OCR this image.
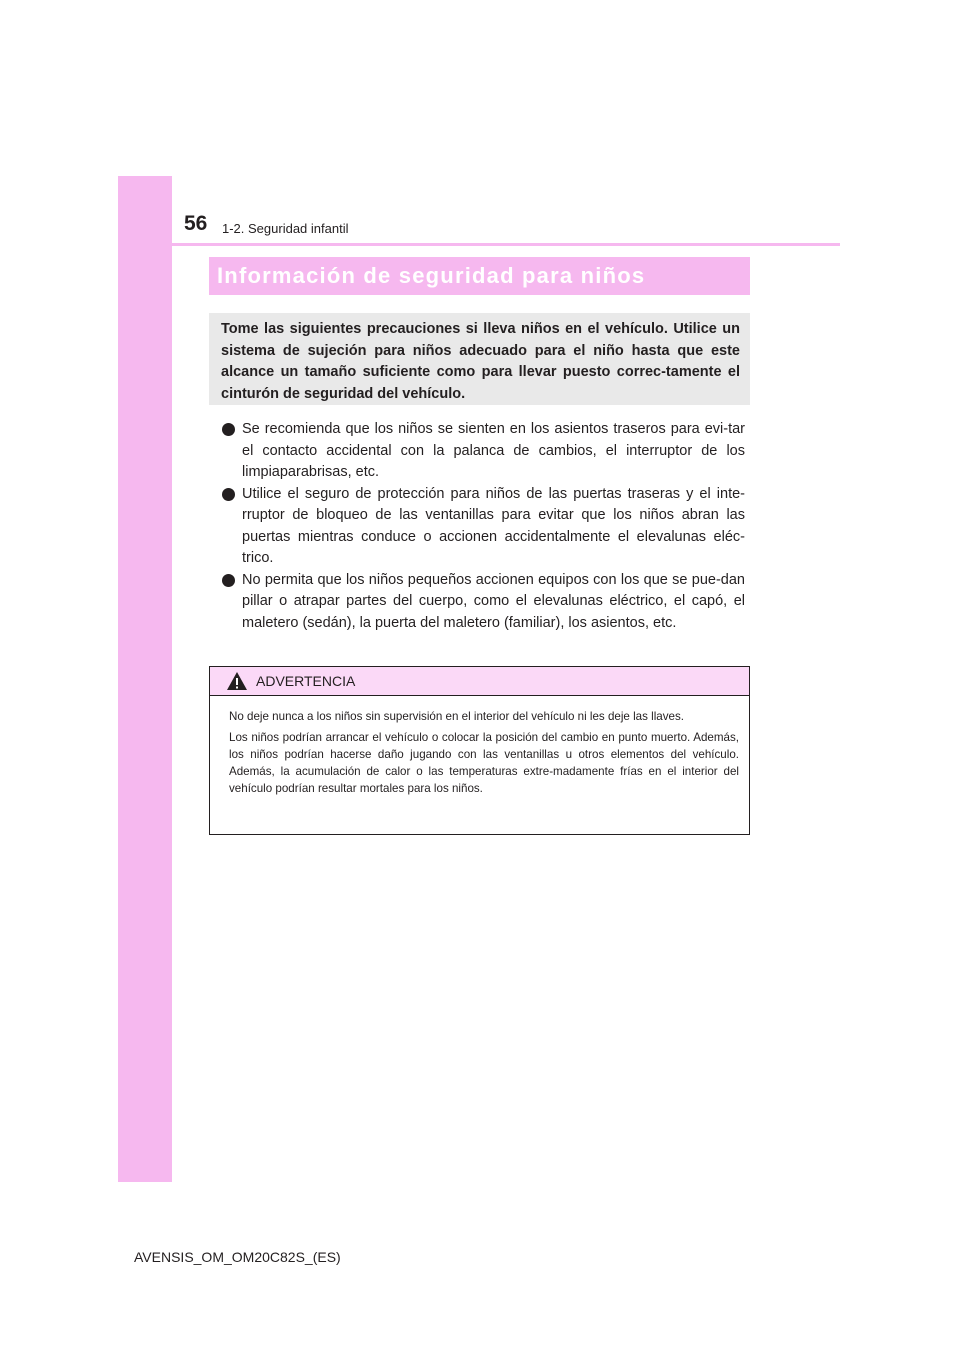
56 1-2. Seguridad infantil
Información de seguridad para niños
Tome las siguientes precauciones si lleva niños en el vehículo. Utilice un sistema de sujeción para niños adecuado para el niño hasta que este alcance un tamaño suficiente como para llevar puesto correc-tamente el cinturón de seguridad del vehículo.
Se recomienda que los niños se sienten en los asientos traseros para evi-tar el contacto accidental con la palanca de cambios, el interruptor de los limpiaparabrisas, etc.
Utilice el seguro de protección para niños de las puertas traseras y el inte-rruptor de bloqueo de las ventanillas para evitar que los niños abran las puertas mientras conduce o accionen accidentalmente el elevalunas eléc-trico.
No permita que los niños pequeños accionen equipos con los que se pue-dan pillar o atrapar partes del cuerpo, como el elevalunas eléctrico, el capó, el maletero (sedán), la puerta del maletero (familiar), los asientos, etc.
ADVERTENCIA

No deje nunca a los niños sin supervisión en el interior del vehículo ni les deje las llaves.

Los niños podrían arrancar el vehículo o colocar la posición del cambio en punto muerto. Además, los niños podrían hacerse daño jugando con las ventanillas u otros elementos del vehículo. Además, la acumulación de calor o las temperaturas extre-madamente frías en el interior del vehículo podrían resultar mortales para los niños.

AVENSIS_OM_OM20C82S_(ES)
